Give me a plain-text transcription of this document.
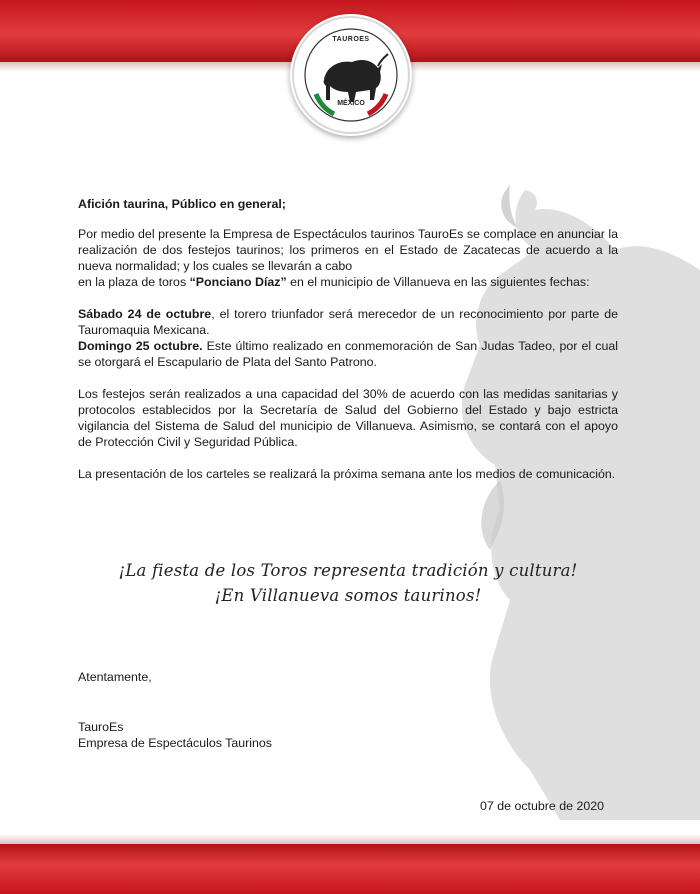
TAUROES
MÉXICO

Afición taurina, Público en general;

Por medio del presente la Empresa de Espectáculos taurinos TauroEs se complace en anunciar la realización de dos festejos taurinos; los primeros en el Estado de Zacatecas de acuerdo a la nueva normalidad; y los cuales se llevarán a cabo
en la plaza de toros “Ponciano Díaz” en el municipio de Villanueva en las siguientes fechas:

Sábado 24 de octubre, el torero triunfador será merecedor de un reconocimiento por parte de Tauromaquia Mexicana.

Domingo 25 octubre. Este último realizado en conmemoración de San Judas Tadeo, por el cual se otorgará el Escapulario de Plata del Santo Patrono.

Los festejos serán realizados a una capacidad del 30% de acuerdo con las medidas sanitarias y protocolos establecidos por la Secretaría de Salud del Gobierno del Estado y bajo estricta vigilancia del Sistema de Salud del municipio de Villanueva. Asimismo, se contará con el apoyo de Protección Civil y Seguridad Pública.

La presentación de los carteles se realizará la próxima semana ante los medios de comunicación.

¡La fiesta de los Toros representa tradición y cultura!
¡En Villanueva somos taurinos!
Atentamente,
TauroEs
Empresa de Espectáculos Taurinos
07 de octubre de 2020
